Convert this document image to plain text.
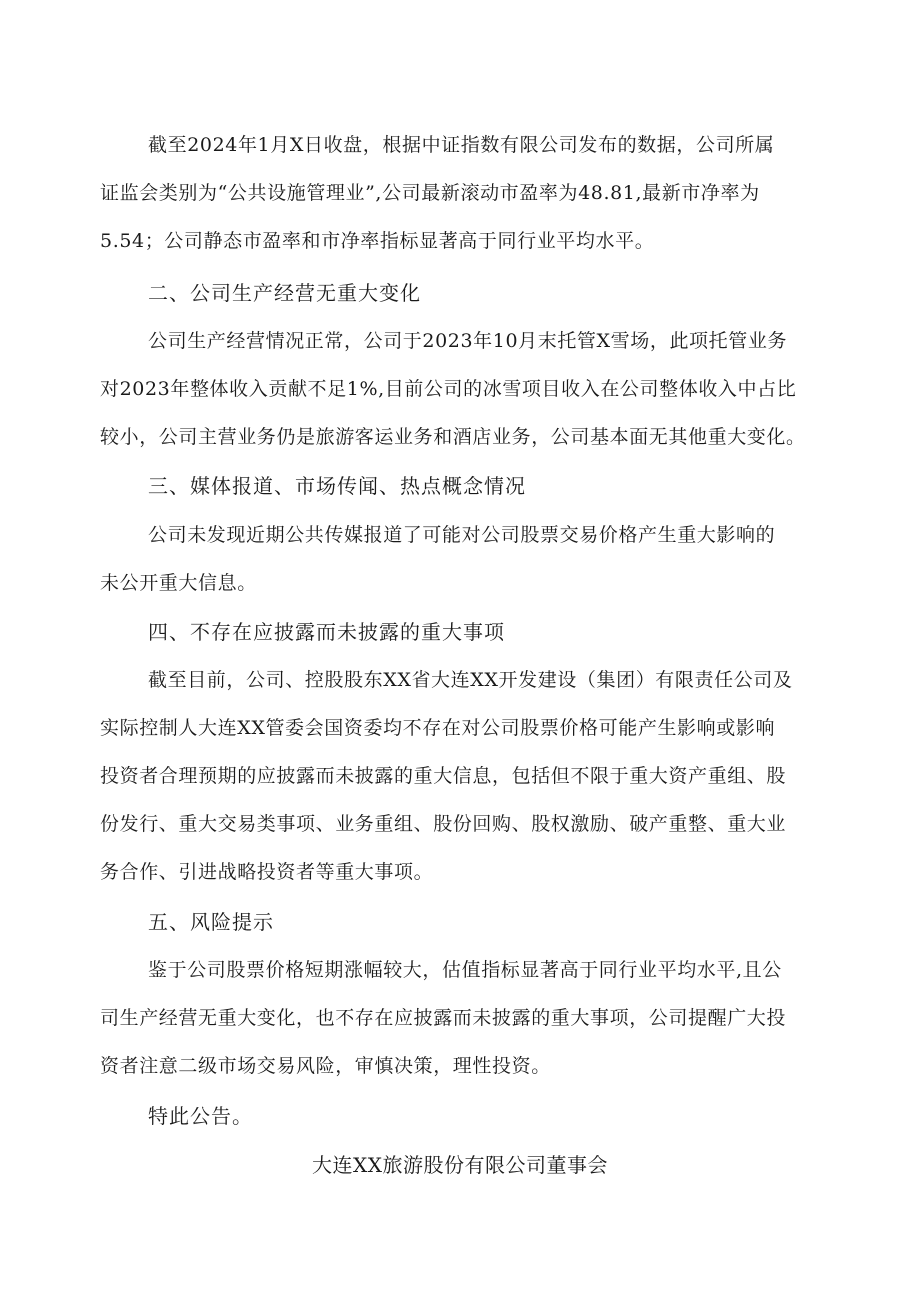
截至2024年1月X日收盘，根据中证指数有限公司发布的数据，公司所属
证监会类别为“公共设施管理业”,公司最新滚动市盈率为48.81,最新市净率为
5.54；公司静态市盈率和市净率指标显著高于同行业平均水平。
二、公司生产经营无重大变化
公司生产经营情况正常，公司于2023年10月末托管X雪场，此项托管业务
对2023年整体收入贡献不足1%,目前公司的冰雪项目收入在公司整体收入中占比
较小，公司主营业务仍是旅游客运业务和酒店业务，公司基本面无其他重大变化。
三、媒体报道、市场传闻、热点概念情况
公司未发现近期公共传媒报道了可能对公司股票交易价格产生重大影响的
未公开重大信息。
四、不存在应披露而未披露的重大事项
截至目前，公司、控股股东XX省大连XX开发建设（集团）有限责任公司及
实际控制人大连XX管委会国资委均不存在对公司股票价格可能产生影响或影响
投资者合理预期的应披露而未披露的重大信息，包括但不限于重大资产重组、股
份发行、重大交易类事项、业务重组、股份回购、股权激励、破产重整、重大业
务合作、引进战略投资者等重大事项。
五、风险提示
鉴于公司股票价格短期涨幅较大，估值指标显著高于同行业平均水平,且公
司生产经营无重大变化，也不存在应披露而未披露的重大事项，公司提醒广大投
资者注意二级市场交易风险，审慎决策，理性投资。
特此公告。
大连XX旅游股份有限公司董事会
